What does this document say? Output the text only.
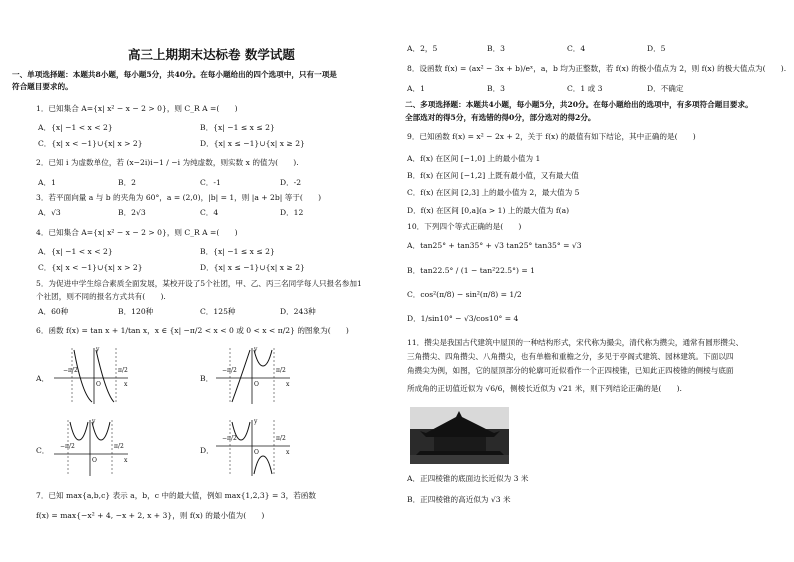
高三上期期末达标卷 数学试题
一、单项选择题：本题共8小题，每小题5分，共40分。在每小题给出的四个选项中，只有一项是
符合题目要求的。
1．已知集合 A={x| x² − x − 2 > 0}，则 C_R A =(　　)
A．{x| −1 < x < 2}	B．{x| −1 ≤ x ≤ 2}
C．{x| x < −1}∪{x| x > 2}	D．{x| x ≤ −1}∪{x| x ≥ 2}
2．已知 i 为虚数单位，若 (x−2i)i−1 / −i 为纯虚数，则实数 x 的值为(　　).
A．1	B．2	C．-1	D．-2
3．若平面向量 a 与 b 的夹角为 60°，a = (2,0)，|b| = 1，则 |a + 2b| 等于(　　)
A．√3	B．2√3	C．4	D．12
4．已知集合 A={x| x² − x − 2 > 0}，则 C_R A =(　　)
A．{x| −1 < x < 2}	B．{x| −1 ≤ x ≤ 2}
C．{x| x < −1}∪{x| x > 2}	D．{x| x ≤ −1}∪{x| x ≥ 2}
5．为促进中学生综合素质全面发展，某校开设了5个社团，甲、乙、丙三名同学每人只报名参加1
个社团，则不同的报名方式共有(　　).
A．60种	B．120种	C．125种	D．243种
6．函数 f(x) = tan x + 1/tan x，x ∈ {x| −π/2 < x < 0 或 0 < x < π/2} 的图象为(　　)
A．	B．
C．	D．
−π/2	π/2
O	x
y
−π/2	π/2
O	x
y
−π/2	π/2
O	x
y
−π/2	π/2
O	x
y
7．已知 max{a,b,c} 表示 a，b，c 中的最大值，例如 max{1,2,3} = 3，若函数
f(x) = max{−x² + 4, −x + 2, x + 3}，则 f(x) 的最小值为(　　)
A．2，5	B．3	C．4	D．5
8．设函数 f(x) = (ax² − 3x + b)/eˣ，a，b 均为正整数，若 f(x) 的极小值点为 2，则 f(x) 的极大值点为(　　).
A．1	B．3	C．1 或 3	D．不确定
二、多项选择题：本题共4小题，每小题5分，共20分。在每小题给出的选项中，有多项符合题目要求。
全部选对的得5分，有选错的得0分，部分选对的得2分。
9．已知函数 f(x) = x² − 2x + 2，关于 f(x) 的最值有如下结论，其中正确的是(　　)
A．f(x) 在区间 [−1,0] 上的最小值为 1
B．f(x) 在区间 [−1,2] 上既有最小值，又有最大值
C．f(x) 在区间 [2,3] 上的最小值为 2，最大值为 5
D．f(x) 在区间 [0,a](a > 1) 上的最大值为 f(a)
10．下列四个等式正确的是(　　)
A．tan25° + tan35° + √3 tan25° tan35° = √3
B．tan22.5° / (1 − tan²22.5°) = 1
C．cos²(π/8) − sin²(π/8) = 1/2
D．1/sin10° − √3/cos10° = 4
11．攒尖是我国古代建筑中屋顶的一种结构形式，宋代称为撮尖，清代称为攒尖，通常有圆形攒尖、
三角攒尖、四角攒尖、八角攒尖，也有单檐和重檐之分，多见于亭阁式建筑、园林建筑。下面以四
角攒尖为例，如图，它的屋顶部分的轮廓可近似看作一个正四棱锥，已知此正四棱锥的侧棱与底面
所成角的正切值近似为 √6/6，侧棱长近似为 √21 米，则下列结论正确的是(　　).
A．正四棱锥的底面边长近似为 3 米
B．正四棱锥的高近似为 √3 米
